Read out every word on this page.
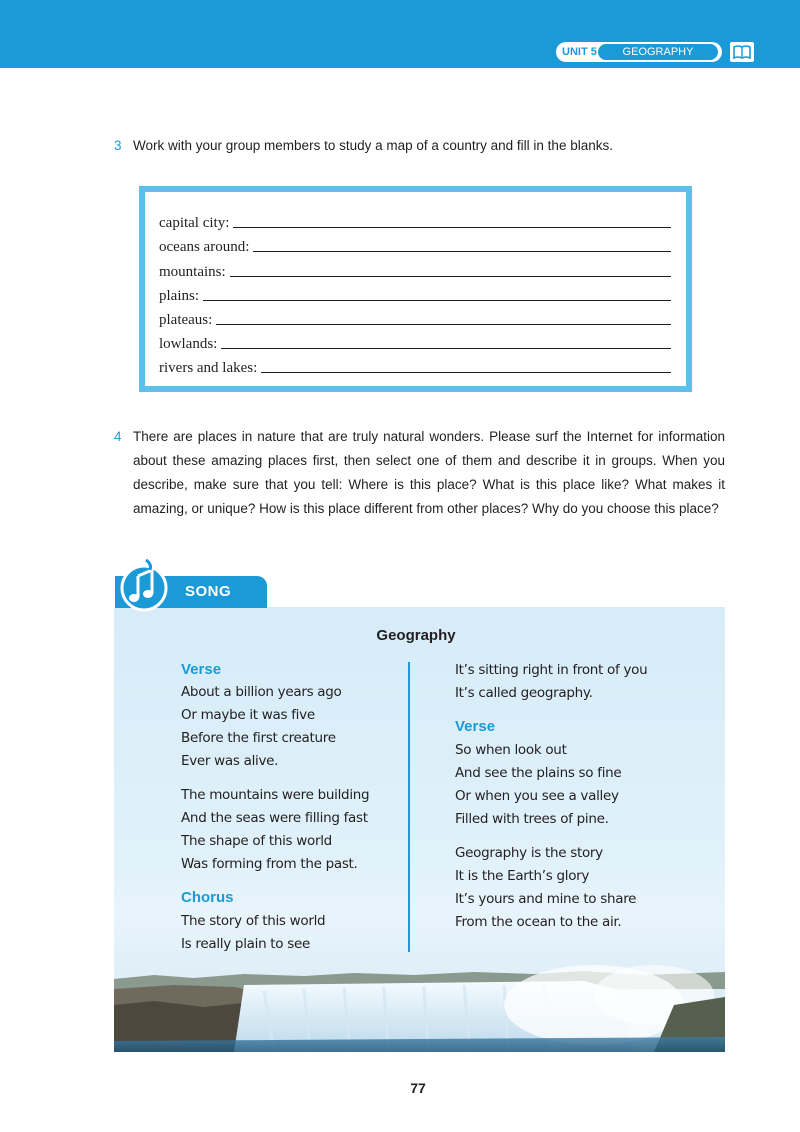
UNIT 5	GEOGRAPHY
3 Work with your group members to study a map of a country and fill in the blanks.
capital city:
oceans around:
mountains:
plains:
plateaus:
lowlands:
rivers and lakes:
4 There are places in nature that are truly natural wonders. Please surf the Internet for information
about these amazing places first, then select one of them and describe it in groups. When you
describe, make sure that you tell: Where is this place? What is this place like? What makes it
amazing, or unique? How is this place different from other places? Why do you choose this place?
SONG
Geography
Verse
About a billion years ago
Or maybe it was five
Before the first creature
Ever was alive.
The mountains were building
And the seas were filling fast
The shape of this world
Was forming from the past.
Chorus
The story of this world
Is really plain to see
It’s sitting right in front of you
It’s called geography.
Verse
So when look out
And see the plains so fine
Or when you see a valley
Filled with trees of pine.
Geography is the story
It is the Earth’s glory
It’s yours and mine to share
From the ocean to the air.
77
